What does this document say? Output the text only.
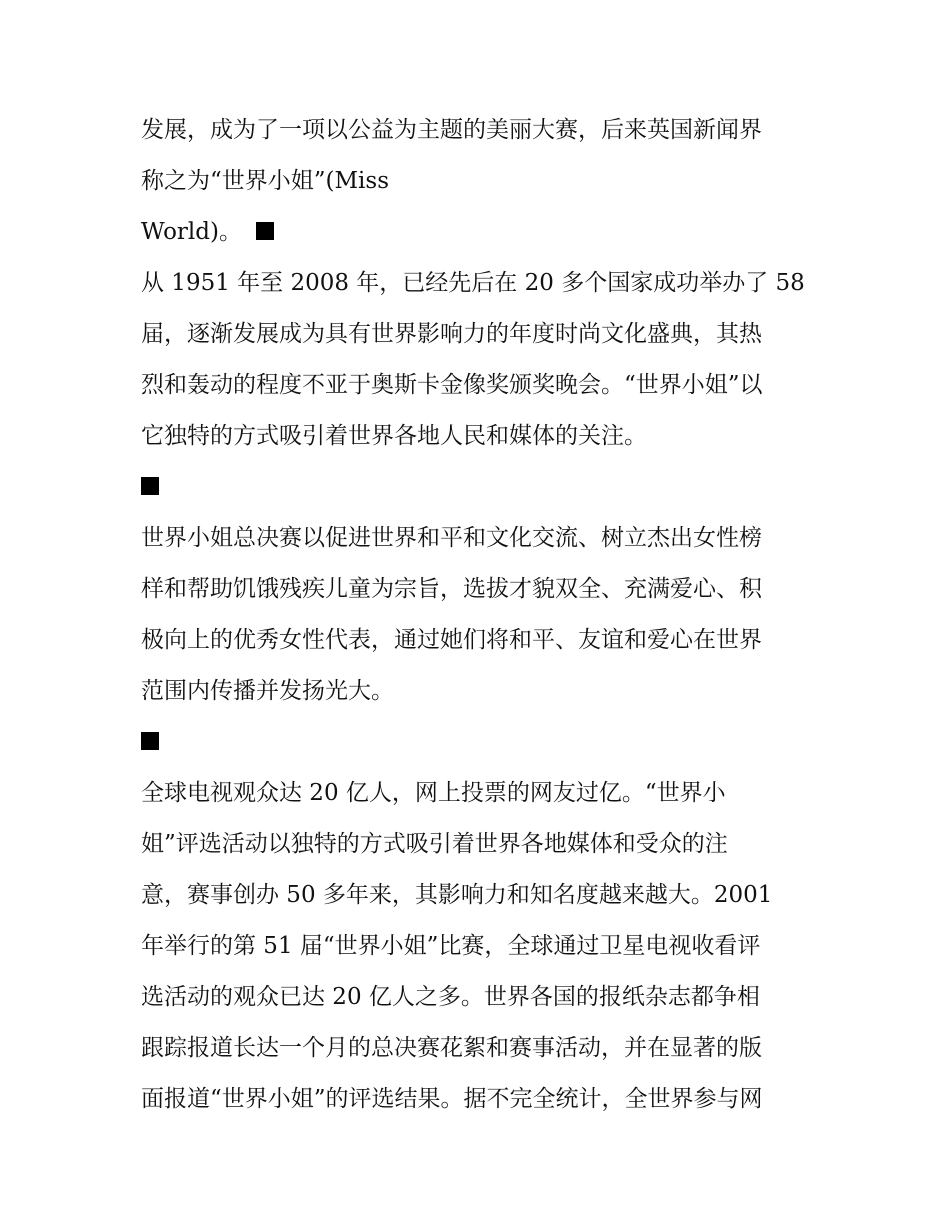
发展，成为了一项以公益为主题的美丽大赛，后来英国新闻界
称之为“世界小姐”(Miss
World)。
从 1951 年至 2008 年，已经先后在 20 多个国家成功举办了 58
届，逐渐发展成为具有世界影响力的年度时尚文化盛典，其热
烈和轰动的程度不亚于奥斯卡金像奖颁奖晚会。“世界小姐”以
它独特的方式吸引着世界各地人民和媒体的关注。
世界小姐总决赛以促进世界和平和文化交流、树立杰出女性榜
样和帮助饥饿残疾儿童为宗旨，选拔才貌双全、充满爱心、积
极向上的优秀女性代表，通过她们将和平、友谊和爱心在世界
范围内传播并发扬光大。
全球电视观众达 20 亿人，网上投票的网友过亿。“世界小
姐”评选活动以独特的方式吸引着世界各地媒体和受众的注
意，赛事创办 50 多年来，其影响力和知名度越来越大。2001
年举行的第 51 届“世界小姐”比赛，全球通过卫星电视收看评
选活动的观众已达 20 亿人之多。世界各国的报纸杂志都争相
跟踪报道长达一个月的总决赛花絮和赛事活动，并在显著的版
面报道“世界小姐”的评选结果。据不完全统计，全世界参与网
